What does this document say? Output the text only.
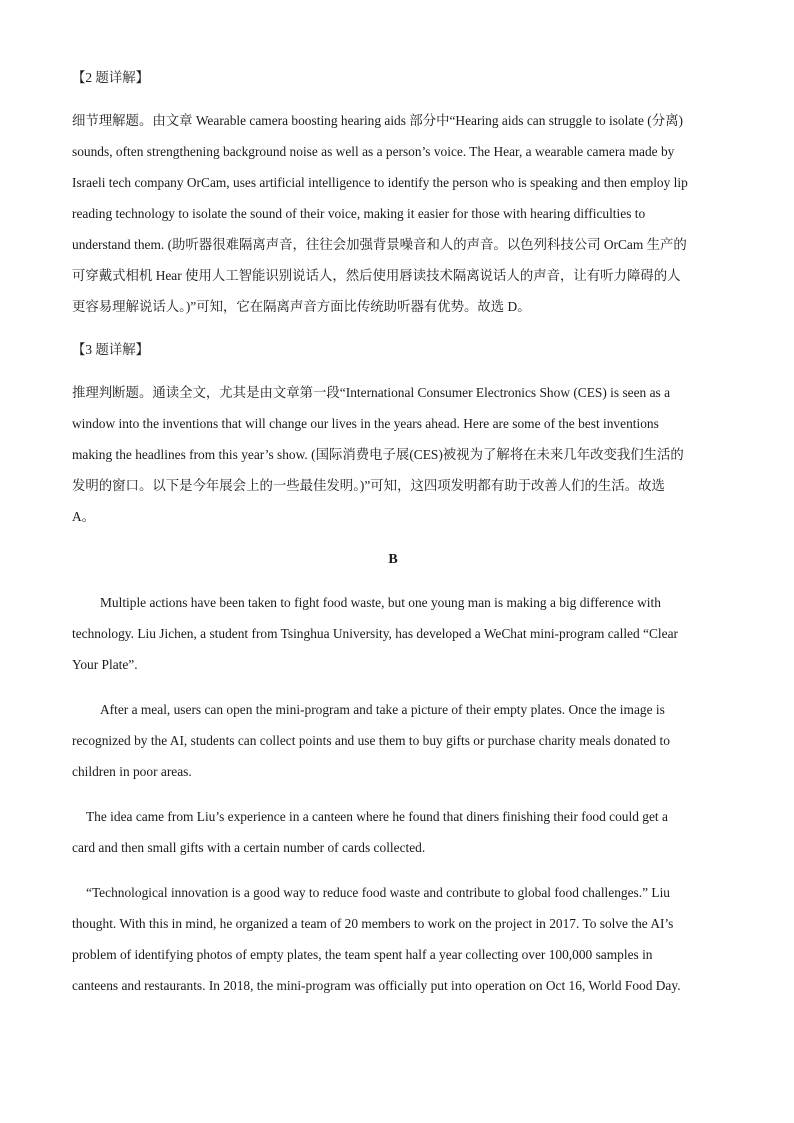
【2 题详解】

细节理解题。由文章 Wearable camera boosting hearing aids 部分中“Hearing aids can struggle to isolate (分离)

sounds, often strengthening background noise as well as a person’s voice. The Hear, a wearable camera made by

Israeli tech company OrCam, uses artificial intelligence to identify the person who is speaking and then employ lip

reading technology to isolate the sound of their voice, making it easier for those with hearing difficulties to

understand them. (助听器很难隔离声音，往往会加强背景噪音和人的声音。以色列科技公司 OrCam 生产的

可穿戴式相机 Hear 使用人工智能识别说话人，然后使用唇读技术隔离说话人的声音，让有听力障碍的人

更容易理解说话人。)”可知，它在隔离声音方面比传统助听器有优势。故选 D。

【3 题详解】

推理判断题。通读全文，尤其是由文章第一段“International Consumer Electronics Show (CES) is seen as a

window into the inventions that will change our lives in the years ahead. Here are some of the best inventions

making the headlines from this year’s show. (国际消费电子展(CES)被视为了解将在未来几年改变我们生活的

发明的窗口。以下是今年展会上的一些最佳发明。)”可知，这四项发明都有助于改善人们的生活。故选

A。

B

Multiple actions have been taken to fight food waste, but one young man is making a big difference with

technology. Liu Jichen, a student from Tsinghua University, has developed a WeChat mini-program called “Clear

Your Plate”.

After a meal, users can open the mini-program and take a picture of their empty plates. Once the image is

recognized by the AI, students can collect points and use them to buy gifts or purchase charity meals donated to

children in poor areas.

The idea came from Liu’s experience in a canteen where he found that diners finishing their food could get a

card and then small gifts with a certain number of cards collected.

“Technological innovation is a good way to reduce food waste and contribute to global food challenges.” Liu

thought. With this in mind, he organized a team of 20 members to work on the project in 2017. To solve the AI’s

problem of identifying photos of empty plates, the team spent half a year collecting over 100,000 samples in

canteens and restaurants. In 2018, the mini-program was officially put into operation on Oct 16, World Food Day.
